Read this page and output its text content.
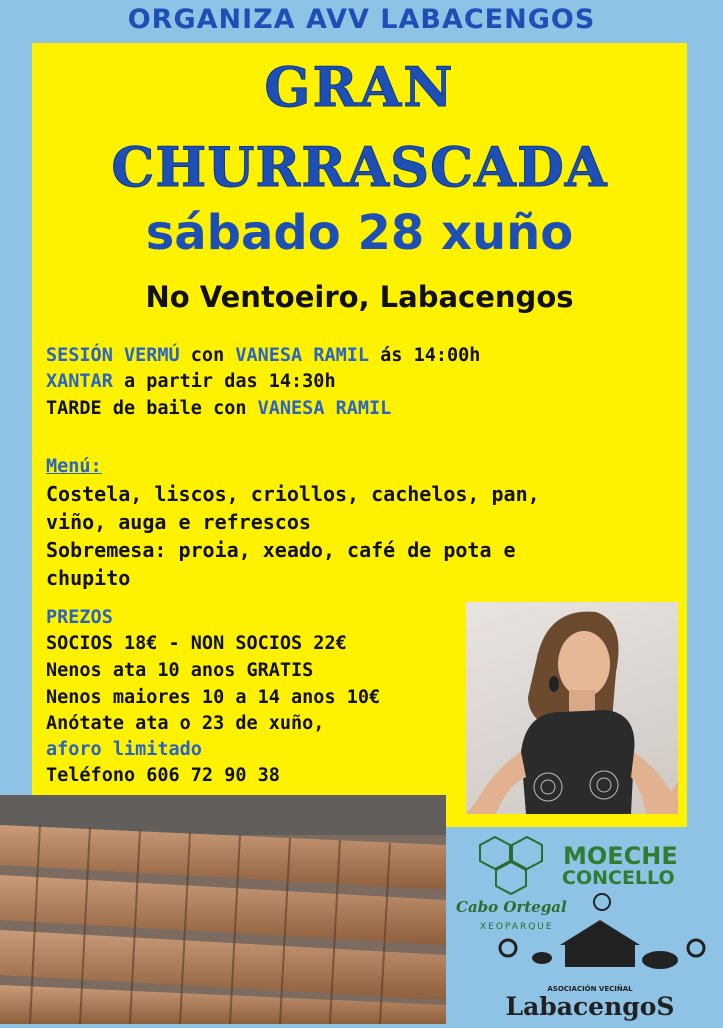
ORGANIZA AVV LABACENGOS
GRAN
CHURRASCADA
sábado 28 xuño
No Ventoeiro, Labacengos
SESIÓN VERMÚ con VANESA RAMIL ás 14:00h
XANTAR a partir das 14:30h
TARDE de baile con VANESA RAMIL
Menú:
Costela, liscos, criollos, cachelos, pan,
viño, auga e refrescos
Sobremesa: proia, xeado, café de pota e
chupito
PREZOS
SOCIOS 18€ - NON SOCIOS 22€
Nenos ata 10 anos GRATIS
Nenos maiores 10 a 14 anos 10€
Anótate ata o 23 de xuño,
aforo limitado
Teléfono 606 72 90 38
Cabo Ortegal
XEOPARQUE
MOECHE
CONCELLO
ASOCIACIÓN VECIÑAL
LabacengoS
